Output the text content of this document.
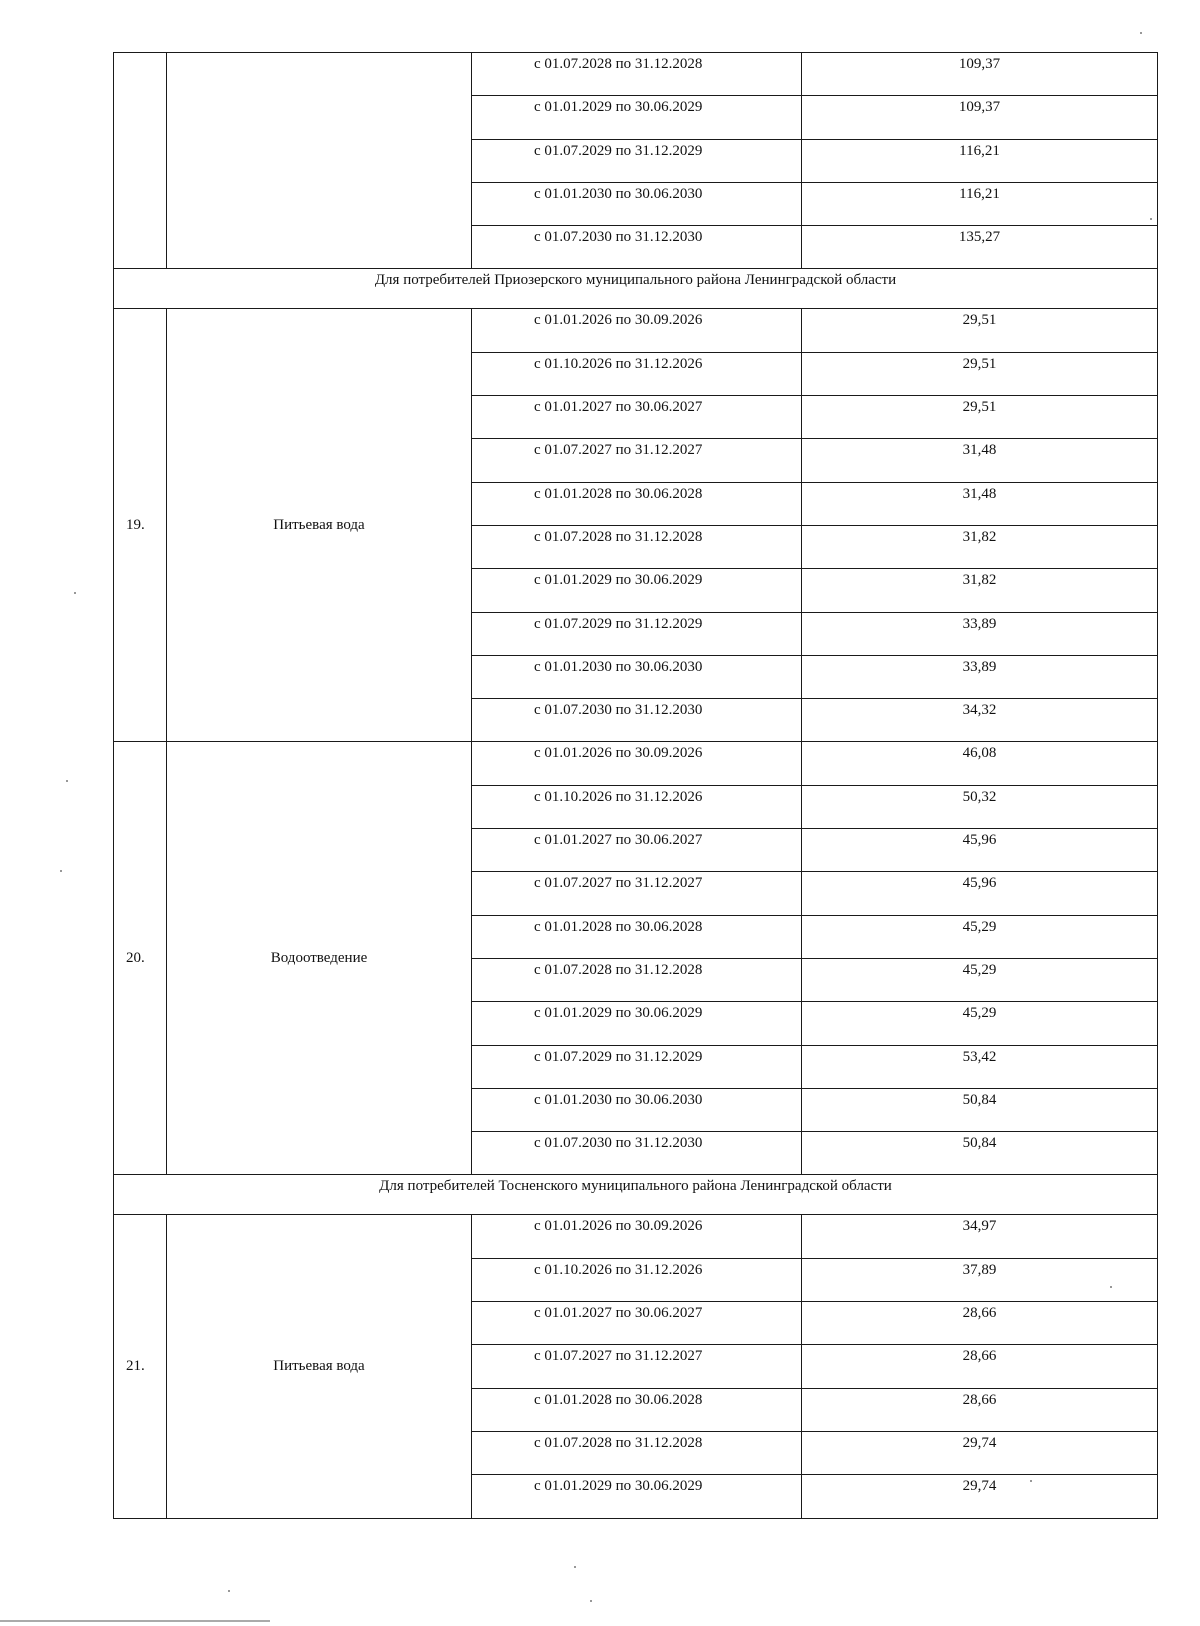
		с 01.07.2028 по 31.12.2028	109,37
		с 01.01.2029 по 30.06.2029	109,37
		с 01.07.2029 по 31.12.2029	116,21
		с 01.01.2030 по 30.06.2030	116,21
		с 01.07.2030 по 31.12.2030	135,27
Для потребителей Приозерского муниципального района Ленинградской области			
19.	Питьевая вода	с 01.01.2026 по 30.09.2026	29,51
		с 01.10.2026 по 31.12.2026	29,51
		с 01.01.2027 по 30.06.2027	29,51
		с 01.07.2027 по 31.12.2027	31,48
		с 01.01.2028 по 30.06.2028	31,48
		с 01.07.2028 по 31.12.2028	31,82
		с 01.01.2029 по 30.06.2029	31,82
		с 01.07.2029 по 31.12.2029	33,89
		с 01.01.2030 по 30.06.2030	33,89
		с 01.07.2030 по 31.12.2030	34,32
20.	Водоотведение	с 01.01.2026 по 30.09.2026	46,08
		с 01.10.2026 по 31.12.2026	50,32
		с 01.01.2027 по 30.06.2027	45,96
		с 01.07.2027 по 31.12.2027	45,96
		с 01.01.2028 по 30.06.2028	45,29
		с 01.07.2028 по 31.12.2028	45,29
		с 01.01.2029 по 30.06.2029	45,29
		с 01.07.2029 по 31.12.2029	53,42
		с 01.01.2030 по 30.06.2030	50,84
		с 01.07.2030 по 31.12.2030	50,84
Для потребителей Тосненского муниципального района Ленинградской области			
21.	Питьевая вода	с 01.01.2026 по 30.09.2026	34,97
		с 01.10.2026 по 31.12.2026	37,89
		с 01.01.2027 по 30.06.2027	28,66
		с 01.07.2027 по 31.12.2027	28,66
		с 01.01.2028 по 30.06.2028	28,66
		с 01.07.2028 по 31.12.2028	29,74
		с 01.01.2029 по 30.06.2029	29,74
